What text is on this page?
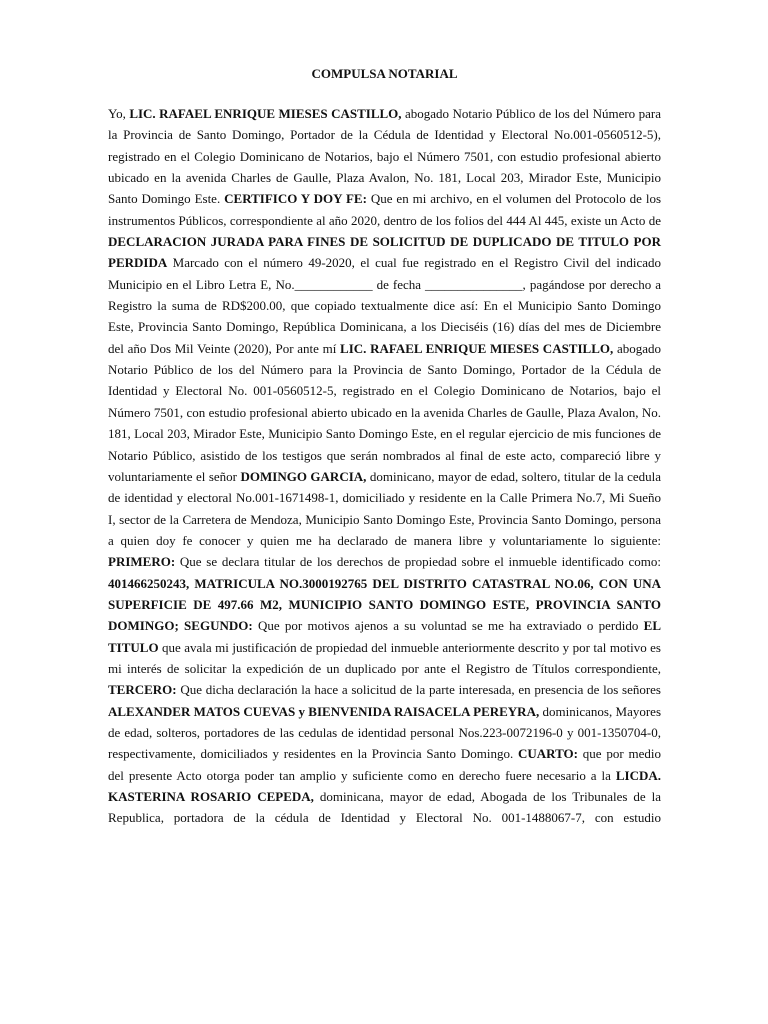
COMPULSA NOTARIAL

Yo, LIC. RAFAEL ENRIQUE MIESES CASTILLO, abogado Notario Público de los del Número para la Provincia de Santo Domingo, Portador de la Cédula de Identidad y Electoral No.001-0560512-5), registrado en el Colegio Dominicano de Notarios, bajo el Número 7501, con estudio profesional abierto ubicado en la avenida Charles de Gaulle, Plaza Avalon, No. 181, Local 203, Mirador Este, Municipio Santo Domingo Este. CERTIFICO Y DOY FE: Que en mi archivo, en el volumen del Protocolo de los instrumentos Públicos, correspondiente al año 2020, dentro de los folios del 444 Al 445, existe un Acto de DECLARACION JURADA PARA FINES DE SOLICITUD DE DUPLICADO DE TITULO POR PERDIDA Marcado con el número 49-2020, el cual fue registrado en el Registro Civil del indicado Municipio en el Libro Letra E, No.____________ de fecha _______________, pagándose por derecho a Registro la suma de RD$200.00, que copiado textualmente dice así: En el Municipio Santo Domingo Este, Provincia Santo Domingo, República Dominicana, a los Dieciséis (16) días del mes de Diciembre del año Dos Mil Veinte (2020), Por ante mí LIC. RAFAEL ENRIQUE MIESES CASTILLO, abogado Notario Público de los del Número para la Provincia de Santo Domingo, Portador de la Cédula de Identidad y Electoral No. 001-0560512-5, registrado en el Colegio Dominicano de Notarios, bajo el Número 7501, con estudio profesional abierto ubicado en la avenida Charles de Gaulle, Plaza Avalon, No. 181, Local 203, Mirador Este, Municipio Santo Domingo Este, en el regular ejercicio de mis funciones de Notario Público, asistido de los testigos que serán nombrados al final de este acto, compareció libre y voluntariamente el señor DOMINGO GARCIA, dominicano, mayor de edad, soltero, titular de la cedula de identidad y electoral No.001-1671498-1, domiciliado y residente en la Calle Primera No.7, Mi Sueño I, sector de la Carretera de Mendoza, Municipio Santo Domingo Este, Provincia Santo Domingo, persona a quien doy fe conocer y quien me ha declarado de manera libre y voluntariamente lo siguiente: PRIMERO: Que se declara titular de los derechos de propiedad sobre el inmueble identificado como: 401466250243, MATRICULA NO.3000192765 DEL DISTRITO CATASTRAL NO.06, CON UNA SUPERFICIE DE 497.66 M2, MUNICIPIO SANTO DOMINGO ESTE, PROVINCIA SANTO DOMINGO; SEGUNDO: Que por motivos ajenos a su voluntad se me ha extraviado o perdido EL TITULO que avala mi justificación de propiedad del inmueble anteriormente descrito y por tal motivo es mi interés de solicitar la expedición de un duplicado por ante el Registro de Títulos correspondiente, TERCERO: Que dicha declaración la hace a solicitud de la parte interesada, en presencia de los señores ALEXANDER MATOS CUEVAS y BIENVENIDA RAISACELA PEREYRA, dominicanos, Mayores de edad, solteros, portadores de las cedulas de identidad personal Nos.223-0072196-0 y 001-1350704-0, respectivamente, domiciliados y residentes en la Provincia Santo Domingo. CUARTO: que por medio del presente Acto otorga poder tan amplio y suficiente como en derecho fuere necesario a la LICDA. KASTERINA ROSARIO CEPEDA, dominicana, mayor de edad, Abogada de los Tribunales de la Republica, portadora de la cédula de Identidad y Electoral No. 001-1488067-7, con estudio
